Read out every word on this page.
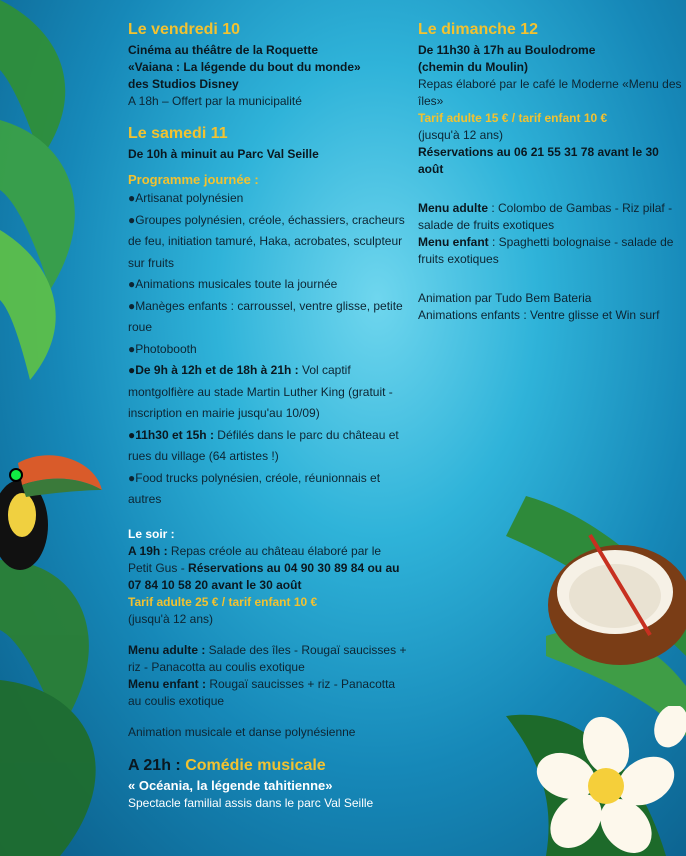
Le vendredi 10
Cinéma au théâtre de la Roquette
«Vaiana : La légende du bout du monde»
des Studios Disney
A 18h – Offert par la municipalité
Le samedi 11
De 10h à minuit au Parc Val Seille
Programme journée :
●Artisanat polynésien
●Groupes polynésien, créole, échassiers, cracheurs de feu, initiation tamuré, Haka, acrobates, sculpteur sur fruits
●Animations musicales toute la journée
●Manèges enfants : carroussel, ventre glisse, petite roue
●Photobooth
●De 9h à 12h et de 18h à 21h : Vol captif montgolfière au stade Martin Luther King (gratuit - inscription en mairie jusqu'au 10/09)
●11h30 et 15h : Défilés dans le parc du château et rues du village (64 artistes !)
●Food trucks polynésien, créole, réunionnais et autres
Le soir :
A 19h : Repas créole au château élaboré par le Petit Gus - Réservations au 04 90 30 89 84 ou au 07 84 10 58 20 avant le 30 août
Tarif adulte 25 € / tarif enfant 10 €
(jusqu'à 12 ans)
Menu adulte : Salade des îles - Rougaï saucisses + riz - Panacotta au coulis exotique
Menu enfant : Rougaï saucisses + riz - Panacotta au coulis exotique
Animation musicale et danse polynésienne
A 21h : Comédie musicale
« Océania, la légende tahitienne»
Spectacle familial assis dans le parc Val Seille
Le dimanche 12
De 11h30 à 17h au Boulodrome
(chemin du Moulin)
Repas élaboré par le café le Moderne «Menu des îles»
Tarif adulte 15 € / tarif enfant 10 €
(jusqu'à 12 ans)
Réservations au 06 21 55 31 78 avant le 30 août
Menu adulte : Colombo de Gambas - Riz pilaf - salade de fruits exotiques
Menu enfant : Spaghetti bolognaise - salade de fruits exotiques
Animation par Tudo Bem Bateria
Animations enfants : Ventre glisse et Win surf
